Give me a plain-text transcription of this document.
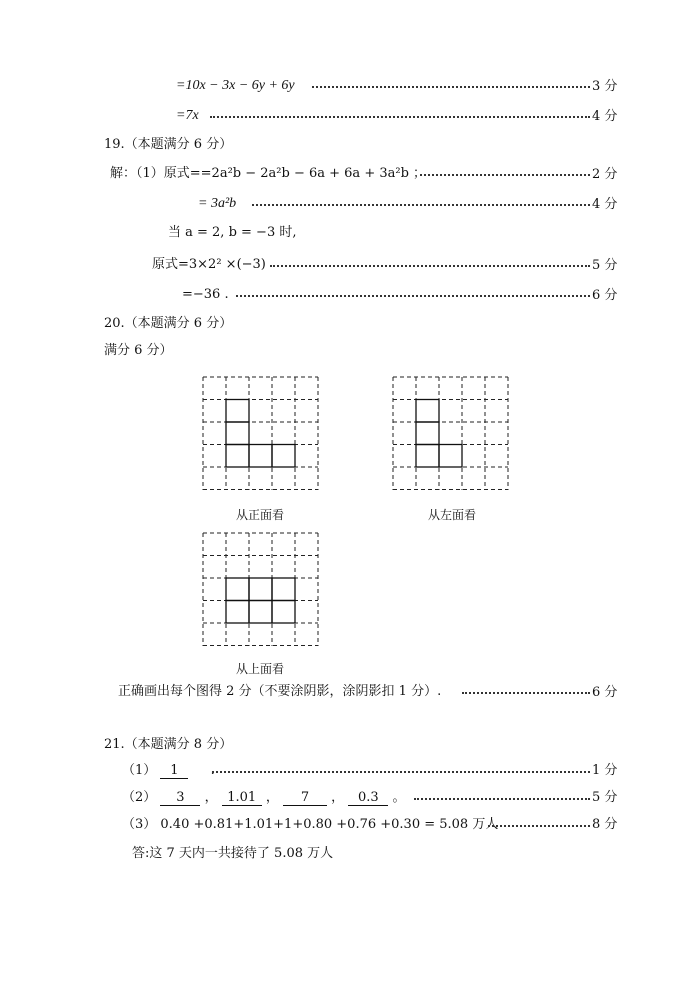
=10x − 3x − 6y + 6y	3 分
=7x	4 分
19.（本题满分 6 分）
解：（1）原式==2a²b − 2a²b − 6a + 6a + 3a²b ；	2 分
= 3a²b	4 分
当 a = 2, b = −3 时,
原式=3×2² ×(−3)	5 分
=−36 .	6 分
20.（本题满分 6 分）
满分 6 分）
从正面看	从左面看
从上面看
正确画出每个图得 2 分（不要涂阴影，涂阴影扣 1 分）.	6 分
21.（本题满分 8 分）
（1） 1 .	1 分
（2） 3 ， 1.01 ， 7 ， 0.3 。	5 分
（3） 0.40 +0.81+1.01+1+0.80 +0.76 +0.30 = 5.08 万人	8 分
答:这 7 天内一共接待了 5.08 万人
